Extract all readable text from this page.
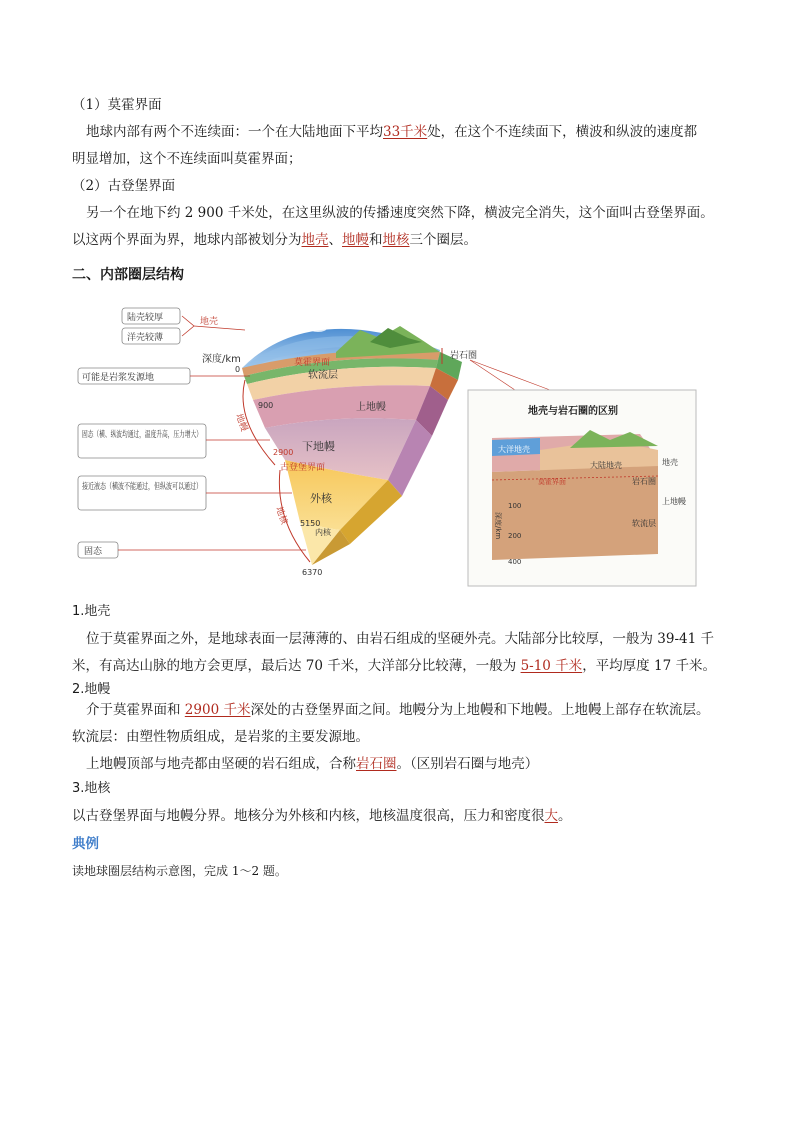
（1）莫霍界面
地球内部有两个不连续面：一个在大陆地面下平均33千米处，在这个不连续面下，横波和纵波的速度都
明显增加，这个不连续面叫莫霍界面；
（2）古登堡界面
另一个在地下约 2 900 千米处，在这里纵波的传播速度突然下降，横波完全消失，这个面叫古登堡界面。
以这两个界面为界，地球内部被划分为地壳、地幔和地核三个圈层。
二、内部圈层结构
莫霍界面
软流层
上地幔
下地幔
古登堡界面
外核
内核
深度/km
0
900
2900
5150
6370
地幔
地核
陆壳较厚
洋壳较薄
地壳
可能是岩浆发源地
固态（横、纵波均通过，温度升高，压力增大）
接近液态（横波不能通过，但纵波可以通过）
固态
岩石圈
地壳与岩石圈的区别
大洋地壳
大陆地壳
莫霍界面
地壳
岩石圈
上地幔
软流层
深度/km
100
200
400
1.地壳
位于莫霍界面之外，是地球表面一层薄薄的、由岩石组成的坚硬外壳。大陆部分比较厚，一般为 39-41 千
米，有高达山脉的地方会更厚，最后达 70 千米，大洋部分比较薄，一般为 5-10 千米，平均厚度 17 千米。
2.地幔
介于莫霍界面和 2900 千米深处的古登堡界面之间。地幔分为上地幔和下地幔。上地幔上部存在软流层。
软流层：由塑性物质组成，是岩浆的主要发源地。
上地幔顶部与地壳都由坚硬的岩石组成，合称岩石圈。（区别岩石圈与地壳）
3.地核
以古登堡界面与地幔分界。地核分为外核和内核，地核温度很高，压力和密度很大。
典例
读地球圈层结构示意图，完成 1～2 题。
